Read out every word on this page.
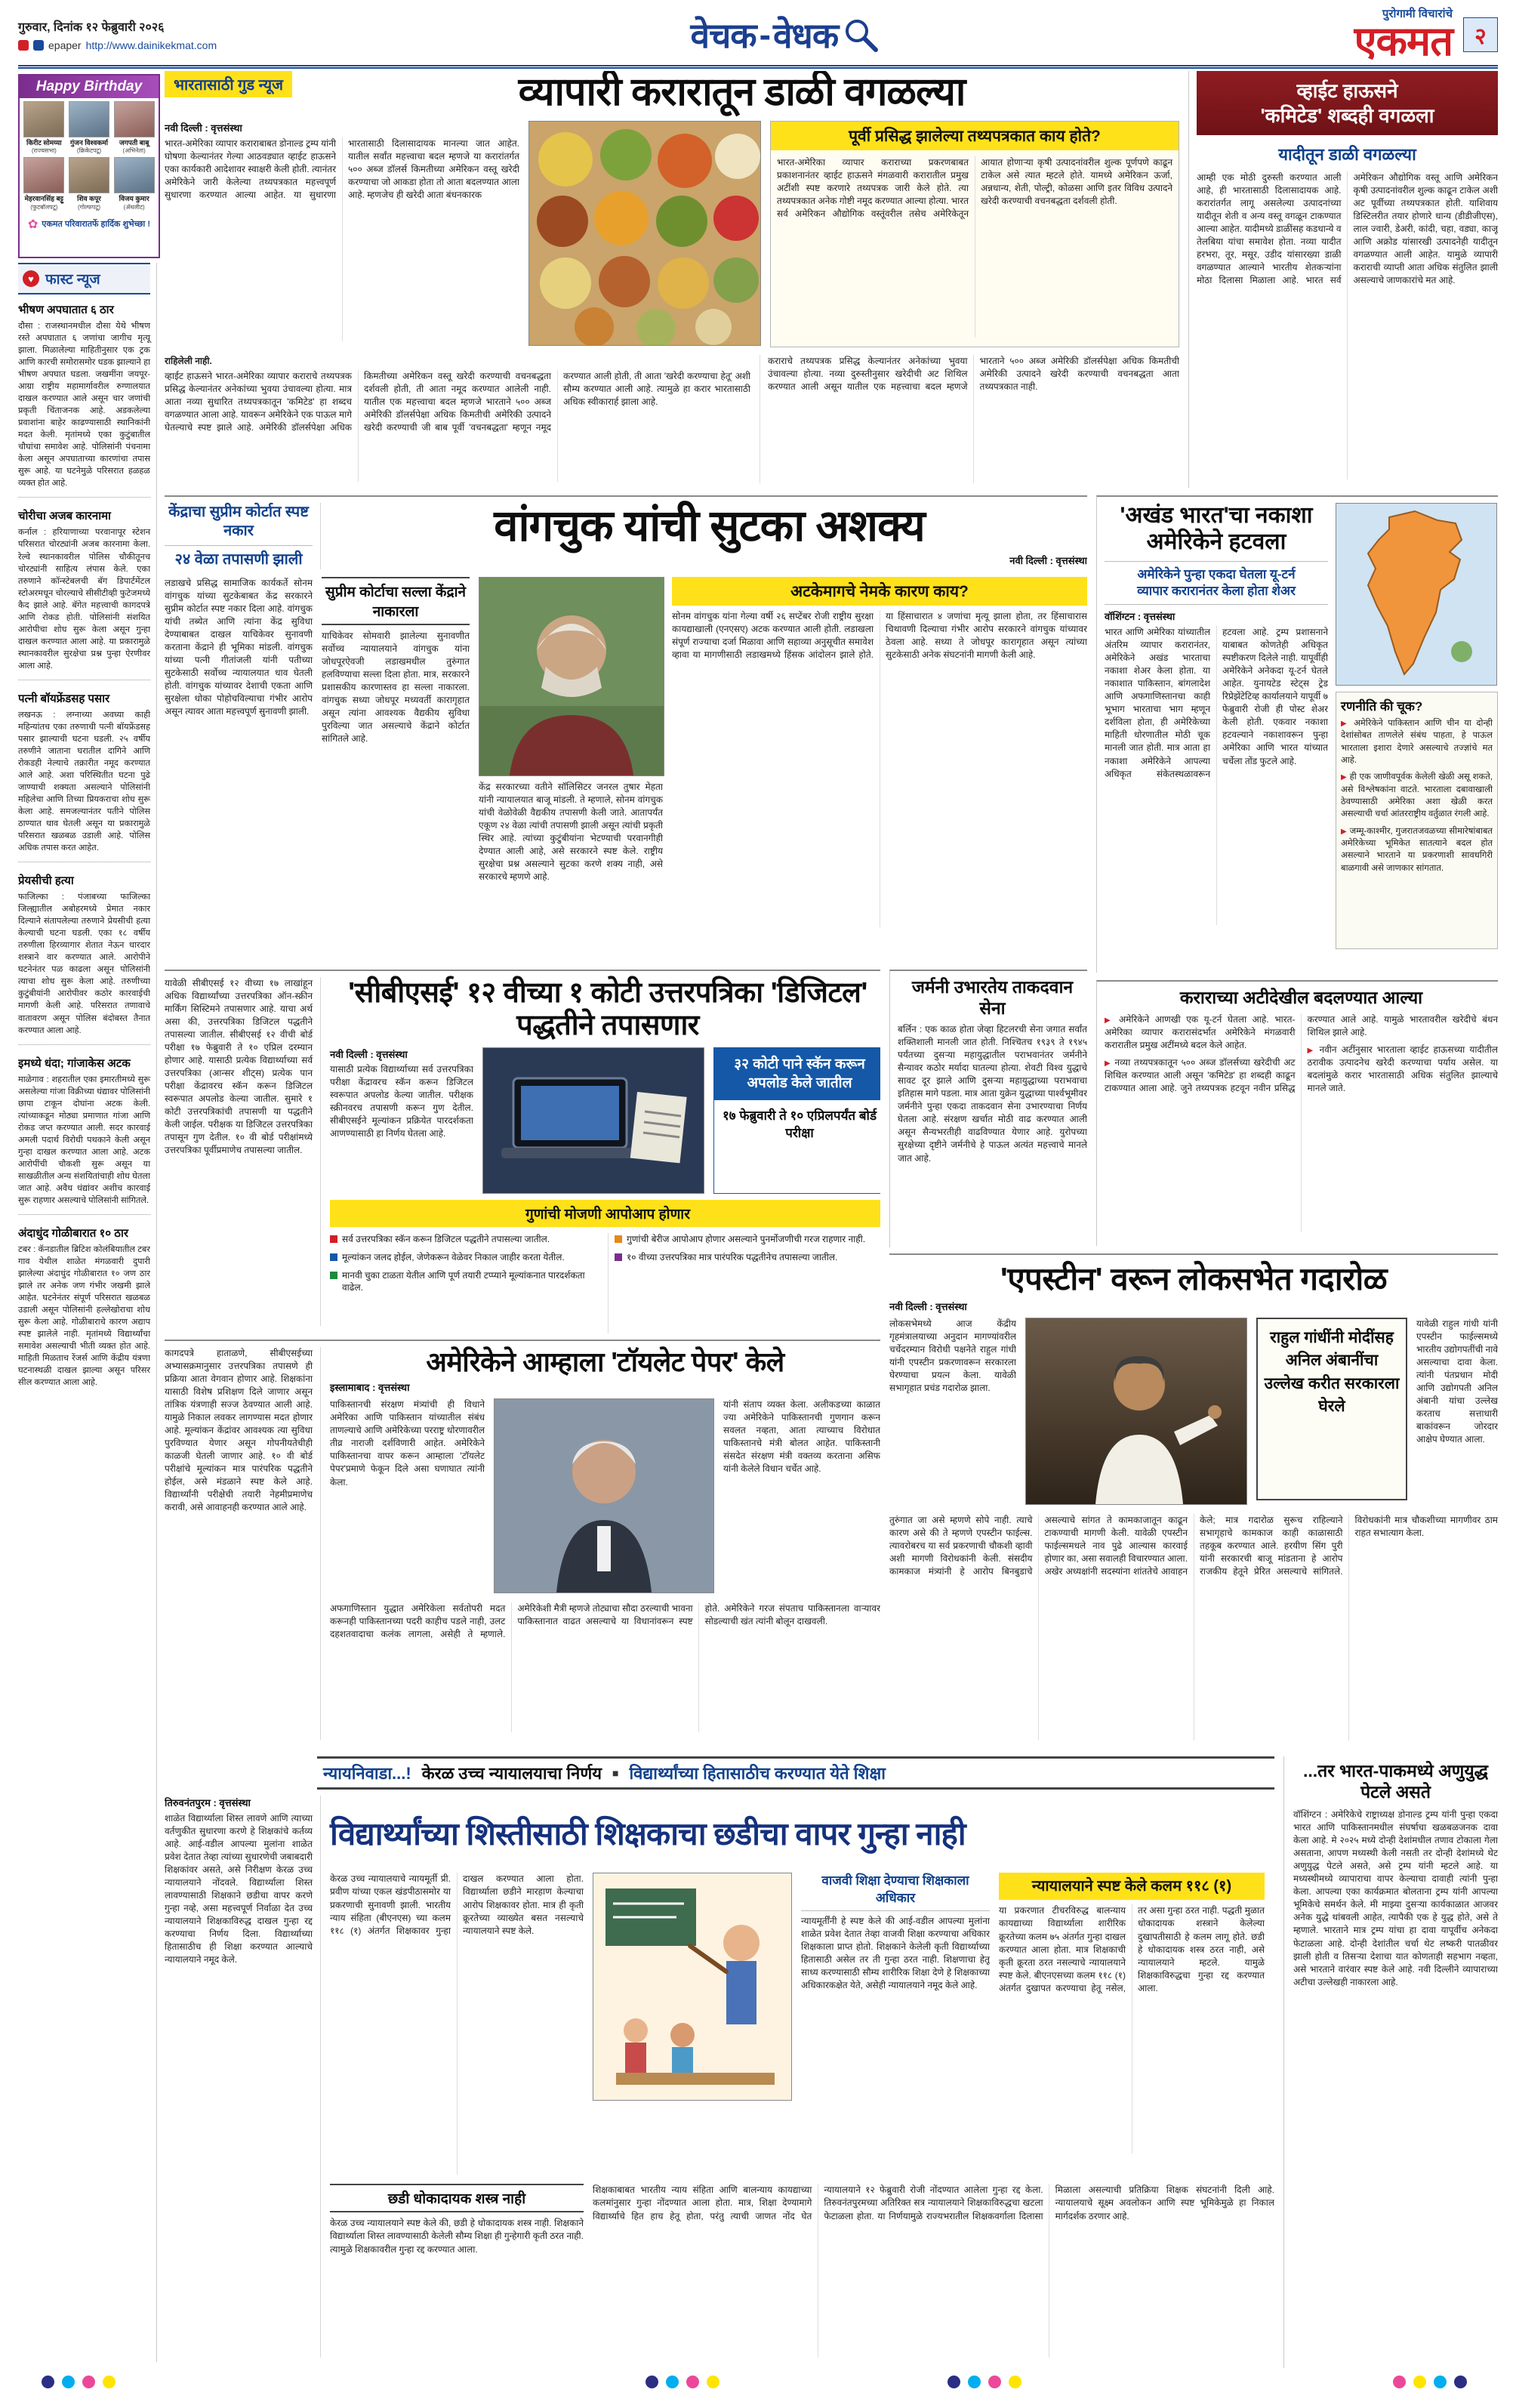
गुरुवार, दिनांक १२ फेब्रुवारी २०२६
epaper http://www.dainikekmat.com	वेचक - वेधक
पुरोगामी विचारांचे
एकमत २
Happy Birthday
किरीट सोमय्या
(राज्यसभा)
गुंजन विश्वकर्मा
(क्रिकेटपटू)
जगपती बाबू
(अभिनेता)
मेहरवानसिंह बट्टू
(फुटबॉलपटू)
शिव कपूर
(गोल्फपटू)
विजय कुमार
(ॲथलीट)
✿ एकमत परिवारातर्फे हार्दिक शुभेच्छा !
♥ फास्ट न्यूज
भीषण अपघातात ६ ठार
दौसा : राजस्थानमधील दौसा येथे भीषण रस्ते अपघातात ६ जणांचा जागीच मृत्यू झाला. मिळालेल्या माहितीनुसार एक ट्रक आणि कारची समोरासमोर धडक झाल्याने हा भीषण अपघात घडला. जखमींना जयपूर-आग्रा राष्ट्रीय महामार्गावरील रुग्णालयात दाखल करण्यात आले असून चार जणांची प्रकृती चिंताजनक आहे. अडकलेल्या प्रवाशांना बाहेर काढण्यासाठी स्थानिकांनी मदत केली. मृतांमध्ये एका कुटुंबातील चौघांचा समावेश आहे. पोलिसांनी पंचनामा केला असून अपघाताच्या कारणांचा तपास सुरू आहे. या घटनेमुळे परिसरात हळहळ व्यक्त होत आहे.
चोरीचा अजब कारनामा
कर्नाल : हरियाणाच्या परवानापूर स्टेशन परिसरात चोरट्यांनी अजब कारनामा केला. रेल्वे स्थानकावरील पोलिस चौकीतूनच चोरट्यांनी साहित्य लंपास केले. एका तरुणाने कॉन्स्टेबलची बॅग डिपार्टमेंटल स्टोअरमधून चोरल्याचे सीसीटीव्ही फुटेजमध्ये कैद झाले आहे. बॅगेत महत्त्वाची कागदपत्रे आणि रोकड होती. पोलिसांनी संशयित आरोपीचा शोध सुरू केला असून गुन्हा दाखल करण्यात आला आहे. या प्रकारामुळे स्थानकावरील सुरक्षेचा प्रश्न पुन्हा ऐरणीवर आला आहे.
पत्नी बॉयफ्रेंडसह पसार
लखनऊ : लग्नाच्या अवघ्या काही महिन्यांतच एका तरुणाची पत्नी बॉयफ्रेंडसह पसार झाल्याची घटना घडली. २५ वर्षीय तरुणीने जाताना घरातील दागिने आणि रोकडही नेल्याचे तक्रारीत नमूद करण्यात आले आहे. अशा परिस्थितीत घटना पुढे जाण्याची शक्यता असल्याने पोलिसांनी महिलेचा आणि तिच्या प्रियकराचा शोध सुरू केला आहे. समजल्यानंतर पतीने पोलिस ठाण्यात धाव घेतली असून या प्रकारामुळे परिसरात खळबळ उडाली आहे. पोलिस अधिक तपास करत आहेत.
प्रेयसीची हत्या
फाजिल्का : पंजाबच्या फाजिल्का जिल्ह्यातील अबोहरमध्ये प्रेमात नकार दिल्याने संतापलेल्या तरुणाने प्रेयसीची हत्या केल्याची घटना घडली. एका १८ वर्षीय तरुणीला हिरव्यागार शेतात नेऊन धारदार शस्त्राने वार करण्यात आले. आरोपीने घटनेनंतर पळ काढला असून पोलिसांनी त्याचा शोध सुरू केला आहे. तरुणीच्या कुटुंबीयांनी आरोपीवर कठोर कारवाईची मागणी केली आहे. परिसरात तणावाचे वातावरण असून पोलिस बंदोबस्त तैनात करण्यात आला आहे.
इमध्ये धंदा; गांजाकेस अटक
माळेगाव : शहरातील एका इमारतीमध्ये सुरू असलेल्या गांजा विक्रीच्या धंद्यावर पोलिसांनी छापा टाकून दोघांना अटक केली. त्यांच्याकडून मोठ्या प्रमाणात गांजा आणि रोकड जप्त करण्यात आली. सदर कारवाई अमली पदार्थ विरोधी पथकाने केली असून गुन्हा दाखल करण्यात आला आहे. अटक आरोपींची चौकशी सुरू असून या साखळीतील अन्य संशयितांचाही शोध घेतला जात आहे. अवैध धंद्यांवर अशीच कारवाई सुरू राहणार असल्याचे पोलिसांनी सांगितले.
अंदाधुंद गोळीबारात १० ठार
टबर : कॅनडातील ब्रिटिश कोलंबियातील टबर गाव येथील शाळेत मंगळवारी दुपारी झालेल्या अंदाधुंद गोळीबारात १० जण ठार झाले तर अनेक जण गंभीर जखमी झाले आहेत. घटनेनंतर संपूर्ण परिसरात खळबळ उडाली असून पोलिसांनी हल्लेखोराचा शोध सुरू केला आहे. गोळीबाराचे कारण अद्याप स्पष्ट झालेले नाही. मृतांमध्ये विद्यार्थ्यांचा समावेश असल्याची भीती व्यक्त होत आहे. माहिती मिळताच रेंजर्स आणि केंद्रीय यंत्रणा घटनास्थळी दाखल झाल्या असून परिसर सील करण्यात आला आहे.
भारतासाठी गुड न्यूज	व्यापारी करारातून डाळी वगळल्या
नवी दिल्ली : वृत्तसंस्था
भारत-अमेरिका व्यापार कराराबाबत डोनाल्ड ट्रम्प यांनी घोषणा केल्यानंतर गेल्या आठवड्यात व्हाईट हाऊसने एका कार्यकारी आदेशावर स्वाक्षरी केली होती. त्यानंतर अमेरिकेने जारी केलेल्या तथ्यपत्रकात महत्त्वपूर्ण सुधारणा करण्यात आल्या आहेत. या सुधारणा भारतासाठी दिलासादायक मानल्या जात आहेत. यातील सर्वांत महत्त्वाचा बदल म्हणजे या करारांतर्गत ५०० अब्ज डॉलर्स किमतीच्या अमेरिकन वस्तू खरेदी करण्याचा जो आकडा होता तो आता बदलण्यात आला आहे. म्हणजेच ही खरेदी आता बंधनकारक
पूर्वी प्रसिद्ध झालेल्या तथ्यपत्रकात काय होते?
भारत-अमेरिका व्यापार कराराच्या प्रकरणबाबत प्रकाशनानंतर व्हाईट हाऊसने मंगळवारी करारातील प्रमुख अटींशी स्पष्ट करणारे तथ्यपत्रक जारी केले होते. त्या तथ्यपत्रकात अनेक गोष्टी नमूद करण्यात आल्या होत्या. भारत सर्व अमेरिकन औद्योगिक वस्तूंवरील तसेच अमेरिकेतून आयात होणाऱ्या कृषी उत्पादनांवरील शुल्क पूर्णपणे काढून टाकेल असे त्यात म्हटले होते. यामध्ये अमेरिकन ऊर्जा, अन्नधान्य, शेती, पोल्ट्री, कोळसा आणि इतर विविध उत्पादने खरेदी करण्याची वचनबद्धता दर्शवली होती.
राहिलेली नाही.
व्हाईट हाऊसने भारत-अमेरिका व्यापार कराराचे तथ्यपत्रक प्रसिद्ध केल्यानंतर अनेकांच्या भुवया उंचावल्या होत्या. मात्र आता नव्या सुधारित तथ्यपत्रकातून 'कमिटेड' हा शब्दच वगळण्यात आला आहे. यावरून अमेरिकेने एक पाऊल मागे घेतल्याचे स्पष्ट झाले आहे. अमेरिकी डॉलर्सपेक्षा अधिक किमतीच्या अमेरिकन वस्तू खरेदी करण्याची वचनबद्धता दर्शवली होती, ती आता नमूद करण्यात आलेली नाही. यातील एक महत्त्वाचा बदल म्हणजे भारताने ५०० अब्ज अमेरिकी डॉलर्सपेक्षा अधिक किमतीची अमेरिकी उत्पादने खरेदी करण्याची जी बाब पूर्वी 'वचनबद्धता' म्हणून नमूद करण्यात आली होती, ती आता 'खरेदी करण्याचा हेतू' अशी सौम्य करण्यात आली आहे. त्यामुळे हा करार भारतासाठी अधिक स्वीकारार्ह झाला आहे.
कराराचे तथ्यपत्रक प्रसिद्ध केल्यानंतर अनेकांच्या भुवया उंचावल्या होत्या. नव्या दुरुस्तीनुसार खरेदीची अट शिथिल करण्यात आली असून यातील एक महत्त्वाचा बदल म्हणजे भारताने ५०० अब्ज अमेरिकी डॉलर्सपेक्षा अधिक किमतीची अमेरिकी उत्पादने खरेदी करण्याची वचनबद्धता आता तथ्यपत्रकात नाही.
व्हाईट हाऊसने
'कमिटेड' शब्दही वगळला
यादीतून डाळी वगळल्या
आम्ही एक मोठी दुरुस्ती करण्यात आली आहे, ही भारतासाठी दिलासादायक आहे. करारांतर्गत लागू असलेल्या उत्पादनांच्या यादीतून शेती व अन्य वस्तू वगळून टाकण्यात आल्या आहेत. यादीमध्ये डाळींसह कडधान्ये व तेलबिया यांचा समावेश होता. नव्या यादीत हरभरा, तूर, मसूर, उडीद यांसारख्या डाळी वगळण्यात आल्याने भारतीय शेतकऱ्यांना मोठा दिलासा मिळाला आहे. भारत सर्व अमेरिकन औद्योगिक वस्तू आणि अमेरिकन कृषी उत्पादनांवरील शुल्क काढून टाकेल अशी अट पूर्वीच्या तथ्यपत्रकात होती. याशिवाय डिस्टिलरीत तयार होणारे धान्य (डीडीजीएस), लाल ज्वारी, डेअरी, कांदी, चहा, वड्या, काजू आणि अक्रोड यांसारखी उत्पादनेही यादीतून वगळण्यात आली आहेत. यामुळे व्यापारी कराराची व्याप्ती आता अधिक संतुलित झाली असल्याचे जाणकारांचे मत आहे.
केंद्राचा सुप्रीम कोर्टात स्पष्ट नकार
२४ वेळा तपासणी झाली
वांगचुक यांची सुटका अशक्य
नवी दिल्ली : वृत्तसंस्था
लडाखचे प्रसिद्ध सामाजिक कार्यकर्ते सोनम वांगचुक यांच्या सुटकेबाबत केंद्र सरकारने सुप्रीम कोर्टात स्पष्ट नकार दिला आहे. वांगचुक यांची तब्येत आणि त्यांना केंद्र सुविधा देण्याबाबत दाखल याचिकेवर सुनावणी करताना केंद्राने ही भूमिका मांडली. वांगचुक यांच्या पत्नी गीतांजली यांनी पतीच्या सुटकेसाठी सर्वोच्च न्यायालयात धाव घेतली होती. वांगचुक यांच्यावर देशाची एकता आणि सुरक्षेला धोका पोहोचविल्याचा गंभीर आरोप असून त्यावर आता महत्त्वपूर्ण सुनावणी झाली.
सुप्रीम कोर्टाचा सल्ला केंद्राने नाकारला
याचिकेवर सोमवारी झालेल्या सुनावणीत सर्वोच्च न्यायालयाने वांगचुक यांना जोधपूरऐवजी लडाखमधील तुरुंगात हलविण्याचा सल्ला दिला होता. मात्र, सरकारने प्रशासकीय कारणास्तव हा सल्ला नाकारला. वांगचुक सध्या जोधपूर मध्यवर्ती कारागृहात असून त्यांना आवश्यक वैद्यकीय सुविधा पुरविल्या जात असल्याचे केंद्राने कोर्टात सांगितले आहे.
केंद्र सरकारच्या वतीने सॉलिसिटर जनरल तुषार मेहता यांनी न्यायालयात बाजू मांडली. ते म्हणाले, सोनम वांगचुक यांची वेळोवेळी वैद्यकीय तपासणी केली जाते. आतापर्यंत एकूण २४ वेळा त्यांची तपासणी झाली असून त्यांची प्रकृती स्थिर आहे. त्यांच्या कुटुंबीयांना भेटण्याची परवानगीही देण्यात आली आहे, असे सरकारने स्पष्ट केले. राष्ट्रीय सुरक्षेचा प्रश्न असल्याने सुटका करणे शक्य नाही, असे सरकारचे म्हणणे आहे.
अटकेमागचे नेमके कारण काय?
सोनम वांगचुक यांना गेल्या वर्षी २६ सप्टेंबर रोजी राष्ट्रीय सुरक्षा कायद्याखाली (एनएसए) अटक करण्यात आली होती. लडाखला संपूर्ण राज्याचा दर्जा मिळावा आणि सहाव्या अनुसूचीत समावेश व्हावा या मागणीसाठी लडाखमध्ये हिंसक आंदोलन झाले होते. या हिंसाचारात ४ जणांचा मृत्यू झाला होता, तर हिंसाचारास चिथावणी दिल्याचा गंभीर आरोप सरकारने वांगचुक यांच्यावर ठेवला आहे. सध्या ते जोधपूर कारागृहात असून त्यांच्या सुटकेसाठी अनेक संघटनांनी मागणी केली आहे.
'अखंड भारत'चा नकाशा अमेरिकेने हटवला
अमेरिकेने पुन्हा एकदा घेतला यू-टर्न
व्यापार करारानंतर केला होता शेअर
वॉशिंग्टन : वृत्तसंस्था
भारत आणि अमेरिका यांच्यातील अंतरिम व्यापार करारानंतर, अमेरिकेने अखंड भारताचा नकाशा शेअर केला होता. या नकाशात पाकिस्तान, बांगलादेश आणि अफगाणिस्तानचा काही भूभाग भारताचा भाग म्हणून दर्शविला होता, ही अमेरिकेच्या माहिती धोरणातील मोठी चूक मानली जात होती. मात्र आता हा नकाशा अमेरिकेने आपल्या अधिकृत संकेतस्थळावरून हटवला आहे. ट्रम्प प्रशासनाने याबाबत कोणतेही अधिकृत स्पष्टीकरण दिलेले नाही. यापूर्वीही अमेरिकेने अनेकदा यू-टर्न घेतले आहेत. युनायटेड स्टेट्स ट्रेड रिप्रेझेंटेटिव्ह कार्यालयाने यापूर्वी ७ फेब्रुवारी रोजी ही पोस्ट शेअर केली होती. एकवार नकाशा हटवल्याने नकाशावरून पुन्हा अमेरिका आणि भारत यांच्यात चर्चेला तोंड फुटले आहे.
रणनीति की चूक?

▶ अमेरिकेने पाकिस्तान आणि चीन या दोन्ही देशांसोबत ताणलेले संबंध पाहता, हे पाऊल भारताला इशारा देणारे असल्याचे तज्ज्ञांचे मत आहे.

▶ ही एक जाणीवपूर्वक केलेली खेळी असू शकते, असे विश्लेषकांना वाटते. भारताला दबावाखाली ठेवण्यासाठी अमेरिका अशा खेळी करत असल्याची चर्चा आंतरराष्ट्रीय वर्तुळात रंगली आहे.

▶ जम्मू-काश्मीर, गुजरातजवळच्या सीमारेषांबाबत अमेरिकेच्या भूमिकेत सातत्याने बदल होत असल्याने भारताने या प्रकरणाशी सावधगिरी बाळगावी असे जाणकार सांगतात.

यावेळी सीबीएसई १२ वीच्या १७ लाखांहून अधिक विद्यार्थ्यांच्या उत्तरपत्रिका ऑन-स्क्रीन मार्किंग सिस्टिमने तपासणार आहे. याचा अर्थ असा की, उत्तरपत्रिका डिजिटल पद्धतीने तपासल्या जातील. सीबीएसई १२ वीची बोर्ड परीक्षा १७ फेब्रुवारी ते १० एप्रिल दरम्यान होणार आहे. यासाठी प्रत्येक विद्यार्थ्याच्या सर्व उत्तरपत्रिका (आन्सर शीट्स) प्रत्येक पान परीक्षा केंद्रावरच स्कॅन करून डिजिटल स्वरूपात अपलोड केल्या जातील. सुमारे १ कोटी उत्तरपत्रिकांची तपासणी या पद्धतीने केली जाईल. परीक्षक या डिजिटल उत्तरपत्रिका तपासून गुण देतील. १० वी बोर्ड परीक्षांमध्ये उत्तरपत्रिका पूर्वीप्रमाणेच तपासल्या जातील.
'सीबीएसई' १२ वीच्या १ कोटी उत्तरपत्रिका 'डिजिटल' पद्धतीने तपासणार
नवी दिल्ली : वृत्तसंस्था
यासाठी प्रत्येक विद्यार्थ्याच्या सर्व उत्तरपत्रिका परीक्षा केंद्रावरच स्कॅन करून डिजिटल स्वरूपात अपलोड केल्या जातील. परीक्षक स्क्रीनवरच तपासणी करून गुण देतील. सीबीएसईने मूल्यांकन प्रक्रियेत पारदर्शकता आणण्यासाठी हा निर्णय घेतला आहे.
३२ कोटी पाने स्कॅन करून अपलोड केले जातील
१७ फेब्रुवारी ते १० एप्रिलपर्यंत बोर्ड परीक्षा
गुणांची मोजणी आपोआप होणार
सर्व उत्तरपत्रिका स्कॅन करून डिजिटल पद्धतीने तपासल्या जातील.
मूल्यांकन जलद होईल, जेणेकरून वेळेवर निकाल जाहीर करता येतील.
मानवी चुका टाळता येतील आणि पूर्ण तयारी टप्प्याने मूल्यांकनात पारदर्शकता वाढेल.
गुणांची बेरीज आपोआप होणार असल्याने पुनर्मोजणीची गरज राहणार नाही.
१० वीच्या उत्तरपत्रिका मात्र पारंपरिक पद्धतीनेच तपासल्या जातील.
जर्मनी उभारतेय ताकदवान सेना
बर्लिन : एक काळ होता जेव्हा हिटलरची सेना जगात सर्वांत शक्तिशाली मानली जात होती. निश्चितच १९३९ ते १९४५ पर्यंतच्या दुसऱ्या महायुद्धातील पराभवानंतर जर्मनीने सैन्यावर कठोर मर्यादा घातल्या होत्या. शेवटी विश्व युद्धाचे सावट दूर झाले आणि दुसऱ्या महायुद्धाच्या पराभवाचा इतिहास मागे पडला. मात्र आता युक्रेन युद्धाच्या पार्श्वभूमीवर जर्मनीने पुन्हा एकदा ताकदवान सेना उभारण्याचा निर्णय घेतला आहे. संरक्षण खर्चात मोठी वाढ करण्यात आली असून सैन्यभरतीही वाढविण्यात येणार आहे. युरोपच्या सुरक्षेच्या दृष्टीने जर्मनीचे हे पाऊल अत्यंत महत्त्वाचे मानले जात आहे.
कराराच्या अटीदेखील बदलण्यात आल्या

▶ अमेरिकेने आणखी एक यू-टर्न घेतला आहे. भारत-अमेरिका व्यापार करारासंदर्भात अमेरिकेने मंगळवारी करारातील प्रमुख अटींमध्ये बदल केले आहेत.

▶ नव्या तथ्यपत्रकातून ५०० अब्ज डॉलर्सच्या खरेदीची अट शिथिल करण्यात आली असून 'कमिटेड' हा शब्दही काढून टाकण्यात आला आहे. जुने तथ्यपत्रक हटवून नवीन प्रसिद्ध करण्यात आले आहे. यामुळे भारतावरील खरेदीचे बंधन शिथिल झाले आहे.

▶ नवीन अटींनुसार भारताला व्हाईट हाऊसच्या यादीतील ठरावीक उत्पादनेच खरेदी करण्याचा पर्याय असेल. या बदलांमुळे करार भारतासाठी अधिक संतुलित झाल्याचे मानले जाते.

'एपस्टीन' वरून लोकसभेत गदारोळ
नवी दिल्ली : वृत्तसंस्था
लोकसभेमध्ये आज केंद्रीय गृहमंत्रालयाच्या अनुदान मागण्यांवरील चर्चेदरम्यान विरोधी पक्षनेते राहुल गांधी यांनी एपस्टीन प्रकरणावरून सरकारला घेरण्याचा प्रयत्न केला. यावेळी सभागृहात प्रचंड गदारोळ झाला.
राहुल गांधींनी मोदींसह अनिल अंबानींचा उल्लेख करीत सरकारला घेरले
यावेळी राहुल गांधी यांनी एपस्टीन फाईल्समध्ये भारतीय उद्योगपतींची नावे असल्याचा दावा केला. त्यांनी पंतप्रधान मोदी आणि उद्योगपती अनिल अंबानी यांचा उल्लेख करताच सत्ताधारी बाकांवरून जोरदार आक्षेप घेण्यात आला.
तुरुंगात जा असे म्हणणे सोपे नाही. त्याचे कारण असे की ते म्हणणे एपस्टीन फाईल्स. त्यावरोबरच या सर्व प्रकरणाची चौकशी व्हावी अशी मागणी विरोधकांनी केली. संसदीय कामकाज मंत्र्यांनी हे आरोप बिनबुडाचे असल्याचे सांगत ते कामकाजातून काढून टाकण्याची मागणी केली. यावेळी एपस्टीन फाईल्समधले नाव पुढे आल्यास कारवाई होणार का, असा सवालही विचारण्यात आला. अखेर अध्यक्षांनी सदस्यांना शांततेचे आवाहन केले; मात्र गदारोळ सुरूच राहिल्याने सभागृहाचे कामकाज काही काळासाठी तहकूब करण्यात आले. हरयीण सिंग पुरी यांनी सरकारची बाजू मांडताना हे आरोप राजकीय हेतूने प्रेरित असल्याचे सांगितले. विरोधकांनी मात्र चौकशीच्या मागणीवर ठाम राहत सभात्याग केला.
कागदपत्रे हाताळणे, सीबीएसईच्या अभ्यासक्रमानुसार उत्तरपत्रिका तपासणे ही प्रक्रिया आता वेगवान होणार आहे. शिक्षकांना यासाठी विशेष प्रशिक्षण दिले जाणार असून तांत्रिक यंत्रणाही सज्ज ठेवण्यात आली आहे. यामुळे निकाल लवकर लागण्यास मदत होणार आहे. मूल्यांकन केंद्रांवर आवश्यक त्या सुविधा पुरविण्यात येणार असून गोपनीयतेचीही काळजी घेतली जाणार आहे. १० वी बोर्ड परीक्षांचे मूल्यांकन मात्र पारंपरिक पद्धतीने होईल, असे मंडळाने स्पष्ट केले आहे. विद्यार्थ्यांनी परीक्षेची तयारी नेहमीप्रमाणेच करावी, असे आवाहनही करण्यात आले आहे.
अमेरिकेने आम्हाला 'टॉयलेट पेपर' केले
इस्लामाबाद : वृत्तसंस्था
पाकिस्तानची संरक्षण मंत्र्यांची ही विधाने अमेरिका आणि पाकिस्तान यांच्यातील संबंध ताणल्याचे आणि अमेरिकेच्या परराष्ट्र धोरणावरील तीव्र नाराजी दर्शविणारी आहेत. अमेरिकेने पाकिस्तानचा वापर करून आम्हाला 'टॉयलेट पेपर'प्रमाणे फेकून दिले असा घणाघात त्यांनी केला.
यांनी संताप व्यक्त केला. अलीकडच्या काळात ज्या अमेरिकेने पाकिस्तानची गुणगान करून सवलत नव्हता, आता त्याच्याच विरोधात पाकिस्तानचे मंत्री बोलत आहेत. पाकिस्तानी संसदेत संरक्षण मंत्री वक्तव्य करताना असिफ यांनी केलेले विधान चर्चेत आहे.
अफगाणिस्तान युद्धात अमेरिकेला सर्वतोपरी मदत करूनही पाकिस्तानच्या पदरी काहीच पडले नाही, उलट दहशतवादाचा कलंक लागला, असेही ते म्हणाले. अमेरिकेशी मैत्री म्हणजे तोट्याचा सौदा ठरल्याची भावना पाकिस्तानात वाढत असल्याचे या विधानांवरून स्पष्ट होते. अमेरिकेने गरज संपताच पाकिस्तानला वाऱ्यावर सोडल्याची खंत त्यांनी बोलून दाखवली.
न्यायनिवाडा...! केरळ उच्च न्यायालयाचा निर्णय ■ विद्यार्थ्यांच्या हितासाठीच करण्यात येते शिक्षा
तिरुवनंतपुरम : वृत्तसंस्था
शाळेत विद्यार्थ्याला शिस्त लावणे आणि त्याच्या वर्तणुकीत सुधारणा करणे हे शिक्षकांचे कर्तव्य आहे. आई-वडील आपल्या मुलांना शाळेत प्रवेश देतात तेव्हा त्यांच्या सुधारणेची जबाबदारी शिक्षकांवर असते, असे निरीक्षण केरळ उच्च न्यायालयाने नोंदवले. विद्यार्थ्याला शिस्त लावण्यासाठी शिक्षकाने छडीचा वापर करणे गुन्हा नव्हे, असा महत्त्वपूर्ण निर्वाळा देत उच्च न्यायालयाने शिक्षकाविरुद्ध दाखल गुन्हा रद्द करण्याचा निर्णय दिला. विद्यार्थ्याच्या हितासाठीच ही शिक्षा करण्यात आल्याचे न्यायालयाने नमूद केले.
विद्यार्थ्यांच्या शिस्तीसाठी शिक्षकाचा छडीचा वापर गुन्हा नाही
केरळ उच्च न्यायालयाचे न्यायमूर्ती प्री. प्रवीण यांच्या एकल खंडपीठासमोर या प्रकरणाची सुनावणी झाली. भारतीय न्याय संहिता (बीएनएस) च्या कलम ११८ (१) अंतर्गत शिक्षकावर गुन्हा दाखल करण्यात आला होता. विद्यार्थ्याला छडीने मारहाण केल्याचा आरोप शिक्षकावर होता. मात्र ही कृती क्रूरतेच्या व्याख्येत बसत नसल्याचे न्यायालयाने स्पष्ट केले.
वाजवी शिक्षा देण्याचा शिक्षकाला अधिकार
न्यायमूर्तींनी हे स्पष्ट केले की आई-वडील आपल्या मुलांना शाळेत प्रवेश देतात तेव्हा वाजवी शिक्षा करण्याचा अधिकार शिक्षकाला प्राप्त होतो. शिक्षकाने केलेली कृती विद्यार्थ्याच्या हितासाठी असेल तर ती गुन्हा ठरत नाही. शिक्षणाचा हेतू साध्य करण्यासाठी सौम्य शारीरिक शिक्षा देणे हे शिक्षकाच्या अधिकारकक्षेत येते, असेही न्यायालयाने नमूद केले आहे.
न्यायालयाने स्पष्ट केले कलम ११८ (१)
या प्रकरणात टीचरविरुद्ध बालन्याय कायद्याच्या विद्यार्थ्याला शारीरिक क्रूरतेच्या कलम ७५ अंतर्गत गुन्हा दाखल करण्यात आला होता. मात्र शिक्षकाची कृती क्रूरता ठरत नसल्याचे न्यायालयाने स्पष्ट केले. बीएनएसच्या कलम ११८ (१) अंतर्गत दुखापत करण्याचा हेतू नसेल, तर असा गुन्हा ठरत नाही. पद्धती मुळात धोकादायक शस्त्राने केलेल्या दुखापतीसाठी हे कलम लागू होते. छडी हे धोकादायक शस्त्र ठरत नाही, असे न्यायालयाने म्हटले. यामुळे शिक्षकाविरुद्धचा गुन्हा रद्द करण्यात आला.
छडी धोकादायक शस्त्र नाही
केरळ उच्च न्यायालयाने स्पष्ट केले की, छडी हे धोकादायक शस्त्र नाही. शिक्षकाने विद्यार्थ्याला शिस्त लावण्यासाठी केलेली सौम्य शिक्षा ही गुन्हेगारी कृती ठरत नाही. त्यामुळे शिक्षकावरील गुन्हा रद्द करण्यात आला.
शिक्षकाबाबत भारतीय न्याय संहिता आणि बालन्याय कायद्याच्या कलमांनुसार गुन्हा नोंदण्यात आला होता. मात्र, शिक्षा देण्यामागे विद्यार्थ्याचे हित हाच हेतू होता, परंतु त्याची जाणत नोंद घेत न्यायालयाने १२ फेब्रुवारी रोजी नोंदण्यात आलेला गुन्हा रद्द केला. तिरुवनंतपुरमच्या अतिरिक्त सत्र न्यायालयाने शिक्षकाविरुद्धचा खटला फेटाळला होता. या निर्णयामुळे राज्यभरातील शिक्षकवर्गाला दिलासा मिळाला असल्याची प्रतिक्रिया शिक्षक संघटनांनी दिली आहे. न्यायालयाचे सूक्ष्म अवलोकन आणि स्पष्ट भूमिकेमुळे हा निकाल मार्गदर्शक ठरणार आहे.
...तर भारत-पाकमध्ये अणुयुद्ध पेटले असते
वॉशिंग्टन : अमेरिकेचे राष्ट्राध्यक्ष डोनाल्ड ट्रम्प यांनी पुन्हा एकदा भारत आणि पाकिस्तानमधील संघर्षाचा खळबळजनक दावा केला आहे. मे २०२५ मध्ये दोन्ही देशांमधील तणाव टोकाला गेला असताना, आपण मध्यस्थी केली नसती तर दोन्ही देशांमध्ये थेट अणुयुद्ध पेटले असते, असे ट्रम्प यांनी म्हटले आहे. या मध्यस्थीमध्ये व्यापाराचा वापर केल्याचा दावाही त्यांनी पुन्हा केला. आपल्या एका कार्यक्रमात बोलताना ट्रम्प यांनी आपल्या भूमिकेचे समर्थन केले. मी माझ्या दुसऱ्या कार्यकाळात आजवर अनेक युद्धे थांबवली आहेत, त्यापैकी एक हे युद्ध होते, असे ते म्हणाले. भारताने मात्र ट्रम्प यांचा हा दावा यापूर्वीच अनेकदा फेटाळला आहे. दोन्ही देशांतील चर्चा थेट लष्करी पातळीवर झाली होती व तिसऱ्या देशाचा यात कोणताही सहभाग नव्हता, असे भारताने वारंवार स्पष्ट केले आहे. नवी दिल्लीने व्यापाराच्या अटीचा उल्लेखही नाकारला आहे.
